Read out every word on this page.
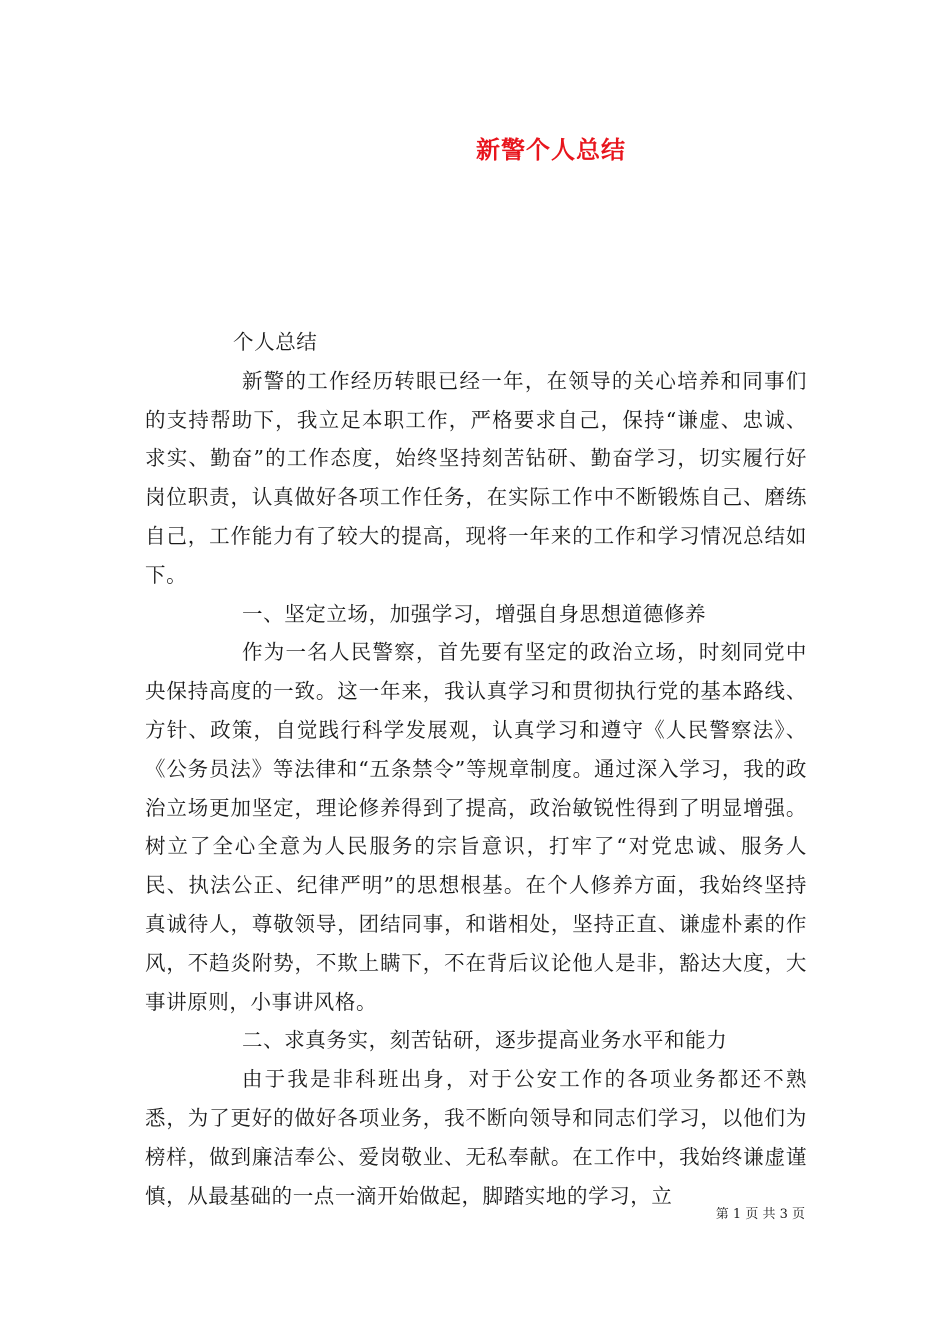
新警个人总结

个人总结

新警的工作经历转眼已经一年，在领导的关心培养和同事们的支持帮助下，我立足本职工作，严格要求自己，保持“谦虚、忠诚、求实、勤奋”的工作态度，始终坚持刻苦钻研、勤奋学习，切实履行好岗位职责，认真做好各项工作任务，在实际工作中不断锻炼自己、磨练自己，工作能力有了较大的提高，现将一年来的工作和学习情况总结如下。

一、坚定立场，加强学习，增强自身思想道德修养

作为一名人民警察，首先要有坚定的政治立场，时刻同党中央保持高度的一致。这一年来，我认真学习和贯彻执行党的基本路线、方针、政策，自觉践行科学发展观，认真学习和遵守《人民警察法》、《公务员法》等法律和“五条禁令”等规章制度。通过深入学习，我的政治立场更加坚定，理论修养得到了提高，政治敏锐性得到了明显增强。树立了全心全意为人民服务的宗旨意识，打牢了“对党忠诚、服务人民、执法公正、纪律严明”的思想根基。在个人修养方面，我始终坚持真诚待人，尊敬领导，团结同事，和谐相处，坚持正直、谦虚朴素的作风，不趋炎附势，不欺上瞒下，不在背后议论他人是非，豁达大度，大事讲原则，小事讲风格。

二、求真务实，刻苦钻研，逐步提高业务水平和能力

由于我是非科班出身，对于公安工作的各项业务都还不熟悉，为了更好的做好各项业务，我不断向领导和同志们学习，以他们为榜样，做到廉洁奉公、爱岗敬业、无私奉献。在工作中，我始终谦虚谨慎，从最基础的一点一滴开始做起，脚踏实地的学习，立

第 1 页 共 3 页
